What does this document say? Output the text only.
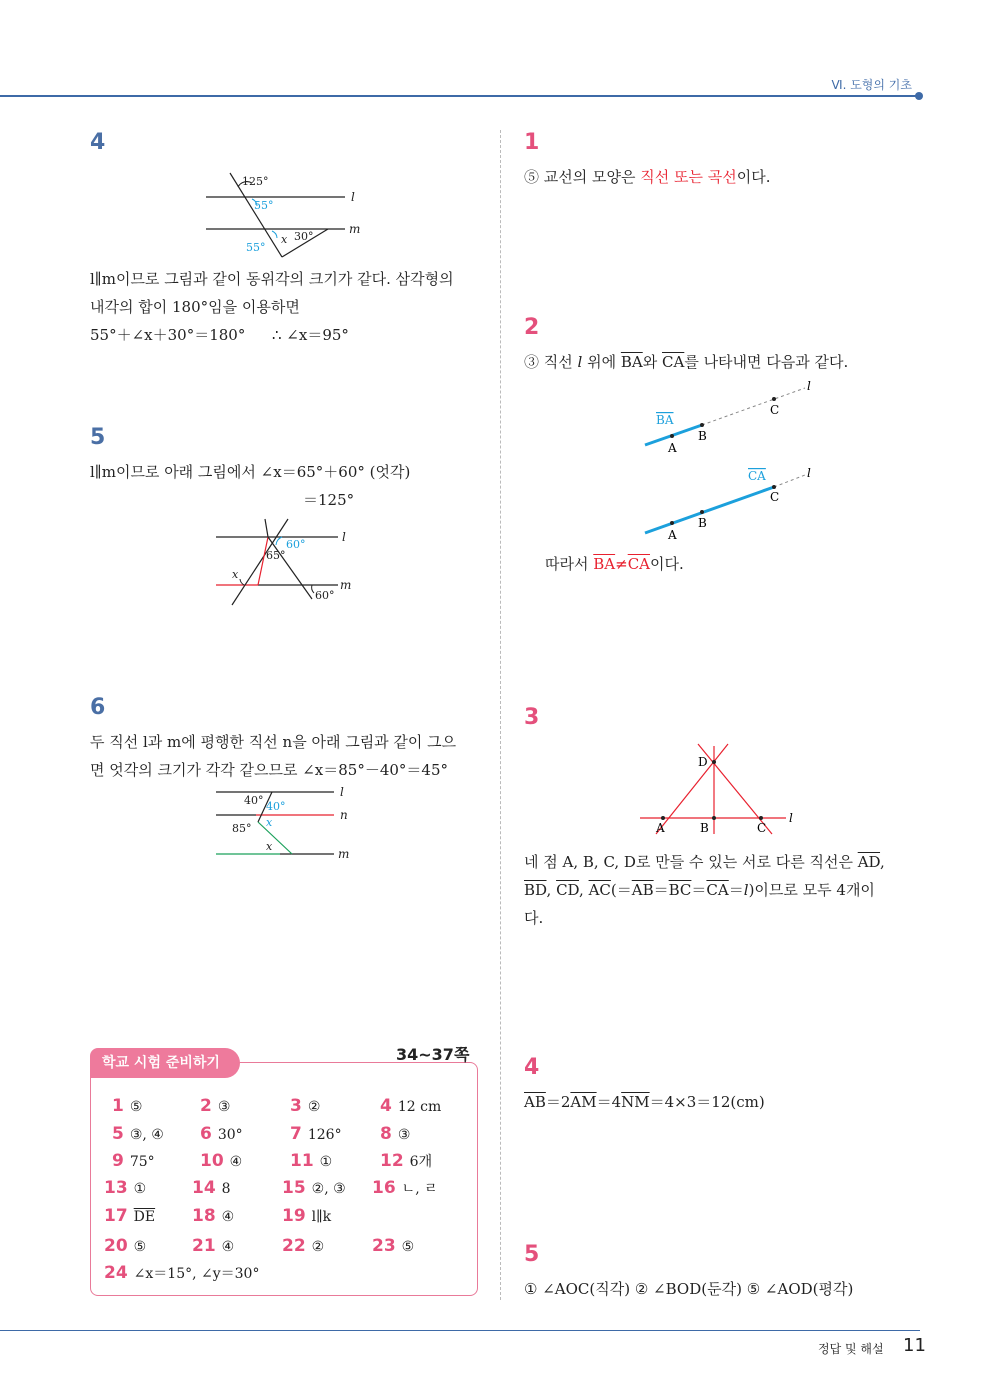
Ⅵ. 도형의 기초
4
125°
55°
55°
x 30°
l
m
l∥m이므로 그림과 같이 동위각의 크기가 같다. 삼각형의
내각의 합이 180°임을 이용하면
55°＋∠x＋30°＝180° ∴ ∠x＝95°
5
l∥m이므로 아래 그림에서 ∠x＝65°＋60° (엇각)
＝125°
60°
65°
x
60°
l
m
6
두 직선 l과 m에 평행한 직선 n을 아래 그림과 같이 그으
면 엇각의 크기가 각각 같으므로 ∠x＝85°－40°＝45°
40° 40°
x
85°
x
l
n
m
학교 시험 준비하기	34~37쪽
1 ⑤	2 ③	3 ②	4 12 cm
5 ③, ④ 6 30°	7 126° 8 ③
9 75°	10 ④	11 ①	12 6개
13 ①	14 8	15 ②, ③ 16 ㄴ, ㄹ
17 $\overline{DE}$ 18 ④	19 l∥k
20 ⑤	21 ④	22 ②	23 ⑤
24 ∠x＝15°, ∠y＝30°
1
⑤ 교선의 모양은 직선 또는 곡선이다.
2
③ 직선 l 위에 $\overline{BA}$와 $\overline{CA}$를 나타내면 다음과 같다.
BA
A
B
C
l
CA
A
B
C
l
따라서 $\overline{BA}\ne\overline{CA}$이다.
3
D
A	B	C
l
네 점 A, B, C, D로 만들 수 있는 서로 다른 직선은 $\overline{AD}$,
$\overline{BD}$, $\overline{CD}$, $\overline{AC}(=\overline{AB}=\overline{BC}=\overline{CA}=l)$이므로 모두 4개이
다.
4
$\overline{AB}=2\overline{AM}=4\overline{NM}=4\times 3=12(cm)$
5
① ∠AOC(직각) ② ∠BOD(둔각) ⑤ ∠AOD(평각)
정답 및 해설 11
